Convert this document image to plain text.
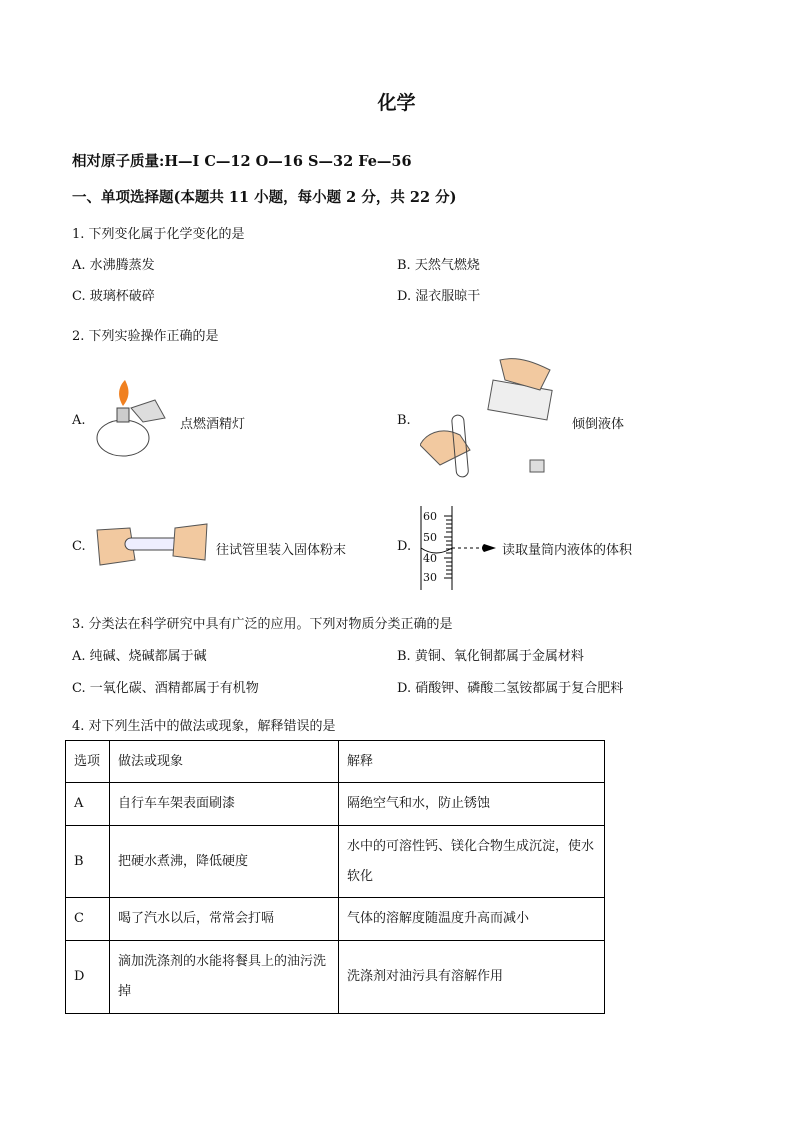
化学
相对原子质量:H—I C—12 O—16 S—32 Fe—56
一、单项选择题(本题共 11 小题，每小题 2 分，共 22 分)
1. 下列变化属于化学变化的是
A. 水沸腾蒸发	B. 天然气燃烧
C. 玻璃杯破碎	D. 湿衣服晾干
2. 下列实验操作正确的是
A.	点燃酒精灯	B.	倾倒液体
C.	往试管里装入固体粉末	D.
60
50
40
30
读取量筒内液体的体积
3. 分类法在科学研究中具有广泛的应用。下列对物质分类正确的是
A. 纯碱、烧碱都属于碱	B. 黄铜、氧化铜都属于金属材料
C. 一氧化碳、酒精都属于有机物	D. 硝酸钾、磷酸二氢铵都属于复合肥料
4. 对下列生活中的做法或现象，解释错误的是
选项	做法或现象	解释
A	自行车车架表面刷漆	隔绝空气和水，防止锈蚀
B	把硬水煮沸，降低硬度	水中的可溶性钙、镁化合物生成沉淀，使水软化
C	喝了汽水以后，常常会打嗝	气体的溶解度随温度升高而减小
D	滴加洗涤剂的水能将餐具上的油污洗掉	洗涤剂对油污具有溶解作用
